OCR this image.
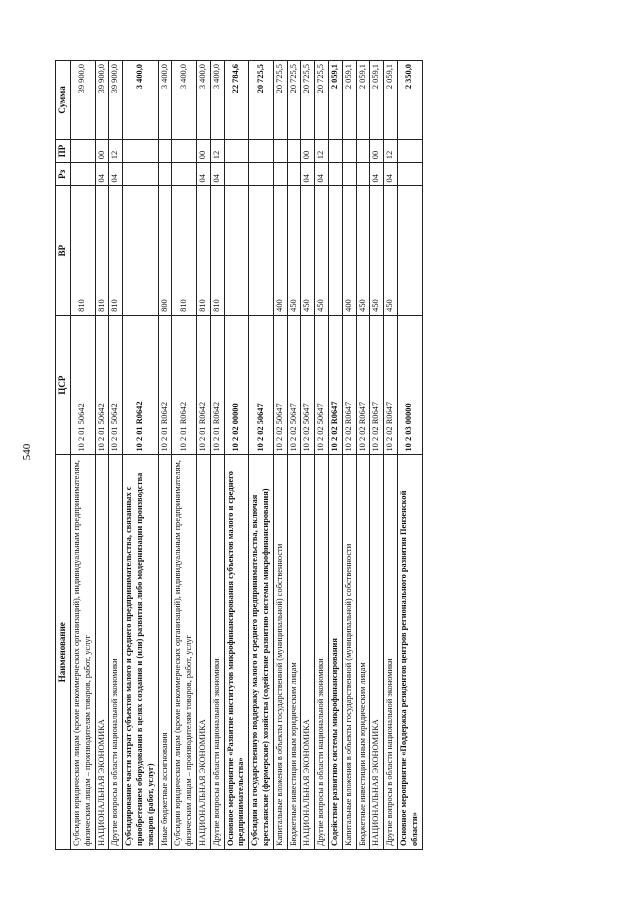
540
Наименование	ЦСР	ВР	Рз	ПР	Сумма
Субсидии юридическим лицам (кроме некоммерческих организаций), индивидуальным предпринимателям, физическим лицам – производителям товаров, работ, услуг	10 2 01 50642	810			39 900,0
НАЦИОНАЛЬНАЯ ЭКОНОМИКА	10 2 01 50642	810	04	00	39 900,0
Другие вопросы в области национальной экономики	10 2 01 50642	810	04	12	39 900,0
Субсидирование части затрат субъектов малого и среднего предпринимательства, связанных с приобретением оборудования в целях создания и (или) развития либо модернизации производства товаров (работ, услуг)	10 2 01 R0642				3 400,0
Иные бюджетные ассигнования	10 2 01 R0642	800			3 400,0
Субсидии юридическим лицам (кроме некоммерческих организаций), индивидуальным предпринимателям, физическим лицам – производителям товаров, работ, услуг	10 2 01 R0642	810			3 400,0
НАЦИОНАЛЬНАЯ ЭКОНОМИКА	10 2 01 R0642	810	04	00	3 400,0
Другие вопросы в области национальной экономики	10 2 01 R0642	810	04	12	3 400,0
Основное мероприятие «Развитие институтов микрофинансирования субъектов малого и среднего предпринимательства»	10 2 02 00000				22 784,6
Субсидии на государственную поддержку малого и среднего предпринимательства, включая крестьянские (фермерские) хозяйства (содействие развитию системы микрофинансирования)	10 2 02 50647				20 725,5
Капитальные вложения в объекты государственной (муниципальной) собственности	10 2 02 50647	400			20 725,5
Бюджетные инвестиции иным юридическим лицам	10 2 02 50647	450			20 725,5
НАЦИОНАЛЬНАЯ ЭКОНОМИКА	10 2 02 50647	450	04	00	20 725,5
Другие вопросы в области национальной экономики	10 2 02 50647	450	04	12	20 725,5
Содействие развитию системы микрофинансирования	10 2 02 R0647				2 059,1
Капитальные вложения в объекты государственной (муниципальной) собственности	10 2 02 R0647	400			2 059,1
Бюджетные инвестиции иным юридическим лицам	10 2 02 R0647	450			2 059,1
НАЦИОНАЛЬНАЯ ЭКОНОМИКА	10 2 02 R0647	450	04	00	2 059,1
Другие вопросы в области национальной экономики	10 2 02 R0647	450	04	12	2 059,1
Основное мероприятие «Поддержка резидентов центров регионального развития Пензенской области»	10 2 03 00000				2 350,0
